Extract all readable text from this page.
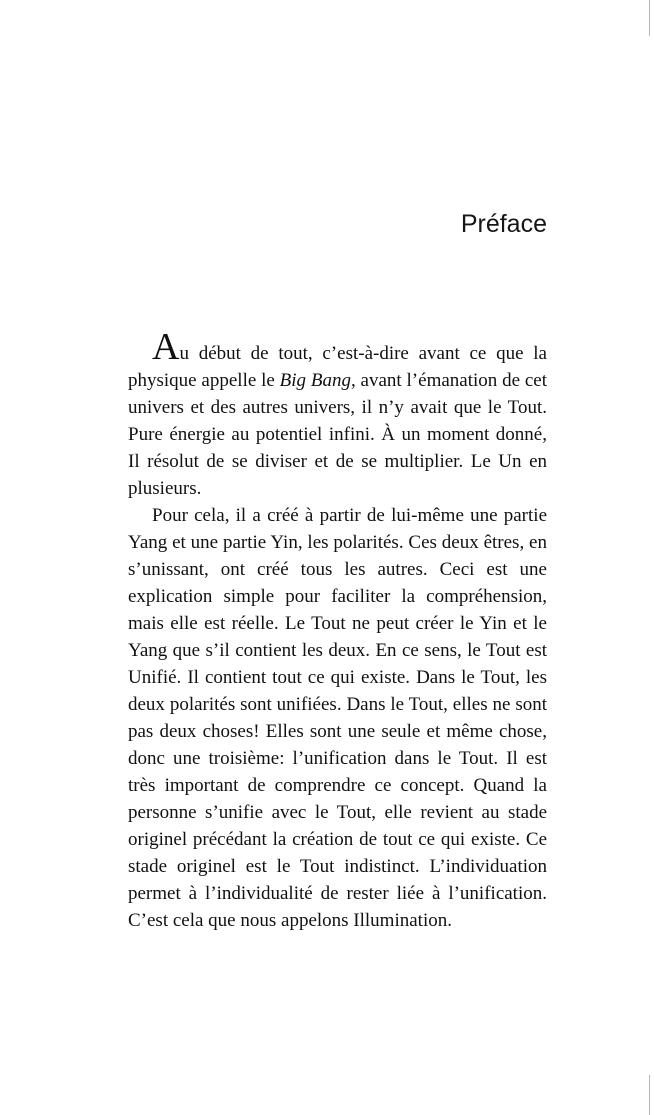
Préface

Au début de tout, c’est-à-dire avant ce que la physique appelle le Big Bang, avant l’émanation de cet univers et des autres univers, il n’y avait que le Tout. Pure énergie au potentiel infini. À un moment donné, Il résolut de se diviser et de se multiplier. Le Un en plusieurs.

Pour cela, il a créé à partir de lui-même une partie Yang et une partie Yin, les polarités. Ces deux êtres, en s’unissant, ont créé tous les autres. Ceci est une explication simple pour faciliter la compréhension, mais elle est réelle. Le Tout ne peut créer le Yin et le Yang que s’il contient les deux. En ce sens, le Tout est Unifié. Il contient tout ce qui existe. Dans le Tout, les deux polarités sont unifiées. Dans le Tout, elles ne sont pas deux choses! Elles sont une seule et même chose, donc une troisième: l’unification dans le Tout. Il est très important de comprendre ce concept. Quand la personne s’unifie avec le Tout, elle revient au stade originel précédant la création de tout ce qui existe. Ce stade originel est le Tout indistinct. L’individuation permet à l’individualité de rester liée à l’unification. C’est cela que nous appelons Illumination.
